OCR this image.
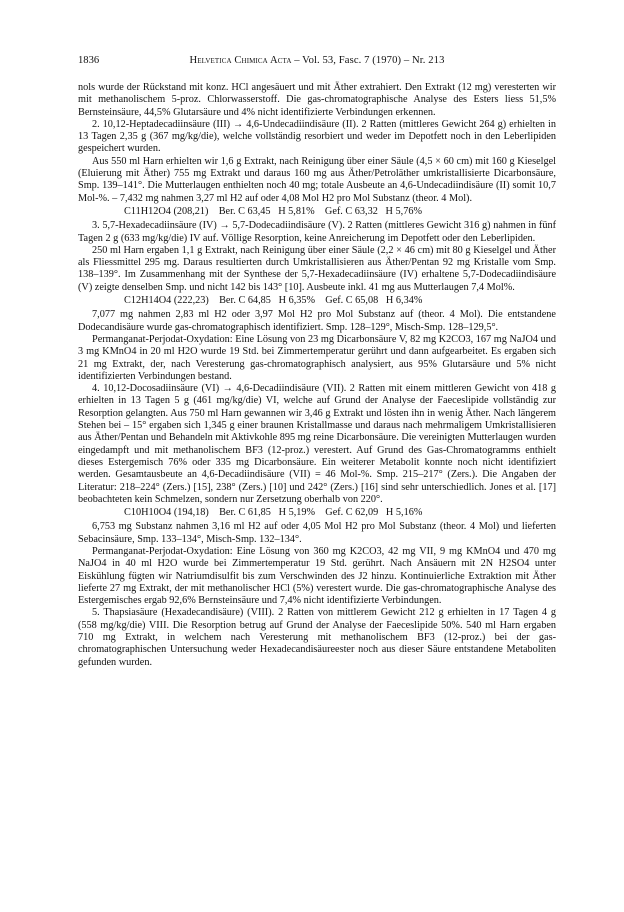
1836	Helvetica Chimica Acta – Vol. 53, Fasc. 7 (1970) – Nr. 213

nols wurde der Rückstand mit konz. HCl angesäuert und mit Äther extrahiert. Den Extrakt (12 mg) veresterten wir mit methanolischem 5-proz. Chlorwasserstoff. Die gas-chromatographische Analyse des Esters liess 51,5% Bernsteinsäure, 44,5% Glutarsäure und 4% nicht identifizierte Verbindungen erkennen.

2. 10,12-Heptadecadiinsäure (III) → 4,6-Undecadiindisäure (II). 2 Ratten (mittleres Gewicht 264 g) erhielten in 13 Tagen 2,35 g (367 mg/kg/die), welche vollständig resorbiert und weder im Depotfett noch in den Leberlipiden gespeichert wurden.

Aus 550 ml Harn erhielten wir 1,6 g Extrakt, nach Reinigung über einer Säule (4,5 × 60 cm) mit 160 g Kieselgel (Eluierung mit Äther) 755 mg Extrakt und daraus 160 mg aus Äther/Petroläther umkristallisierte Dicarbonsäure, Smp. 139–141°. Die Mutterlaugen enthielten noch 40 mg; totale Ausbeute an 4,6-Undecadiindisäure (II) somit 10,7 Mol-%. – 7,432 mg nahmen 3,27 ml H2 auf oder 4,08 Mol H2 pro Mol Substanz (theor. 4 Mol).

C11H12O4 (208,21)    Ber. C 63,45   H 5,81%    Gef. C 63,32   H 5,76%

3. 5,7-Hexadecadiinsäure (IV) → 5,7-Dodecadiindisäure (V). 2 Ratten (mittleres Gewicht 316 g) nahmen in fünf Tagen 2 g (633 mg/kg/die) IV auf. Völlige Resorption, keine Anreicherung im Depotfett oder den Leberlipiden.

250 ml Harn ergaben 1,1 g Extrakt, nach Reinigung über einer Säule (2,2 × 46 cm) mit 80 g Kieselgel und Äther als Fliessmittel 295 mg. Daraus resultierten durch Umkristallisieren aus Äther/Pentan 92 mg Kristalle vom Smp. 138–139°. Im Zusammenhang mit der Synthese der 5,7-Hexadecadiinsäure (IV) erhaltene 5,7-Dodecadiindisäure (V) zeigte denselben Smp. und nicht 142 bis 143° [10]. Ausbeute inkl. 41 mg aus Mutterlaugen 7,4 Mol%.

C12H14O4 (222,23)    Ber. C 64,85   H 6,35%    Gef. C 65,08   H 6,34%

7,077 mg nahmen 2,83 ml H2 oder 3,97 Mol H2 pro Mol Substanz auf (theor. 4 Mol). Die entstandene Dodecandisäure wurde gas-chromatographisch identifiziert. Smp. 128–129°, Misch-Smp. 128–129,5°.

Permanganat-Perjodat-Oxydation: Eine Lösung von 23 mg Dicarbonsäure V, 82 mg K2CO3, 167 mg NaJO4 und 3 mg KMnO4 in 20 ml H2O wurde 19 Std. bei Zimmertemperatur gerührt und dann aufgearbeitet. Es ergaben sich 21 mg Extrakt, der, nach Veresterung gas-chromatographisch analysiert, aus 95% Glutarsäure und 5% nicht identifizierten Verbindungen bestand.

4. 10,12-Docosadiinsäure (VI) → 4,6-Decadiindisäure (VII). 2 Ratten mit einem mittleren Gewicht von 418 g erhielten in 13 Tagen 5 g (461 mg/kg/die) VI, welche auf Grund der Analyse der Faeceslipide vollständig zur Resorption gelangten. Aus 750 ml Harn gewannen wir 3,46 g Extrakt und lösten ihn in wenig Äther. Nach längerem Stehen bei – 15° ergaben sich 1,345 g einer braunen Kristallmasse und daraus nach mehrmaligem Umkristallisieren aus Äther/Pentan und Behandeln mit Aktivkohle 895 mg reine Dicarbonsäure. Die vereinigten Mutterlaugen wurden eingedampft und mit methanolischem BF3 (12-proz.) verestert. Auf Grund des Gas-Chromatogramms enthielt dieses Estergemisch 76% oder 335 mg Dicarbonsäure. Ein weiterer Metabolit konnte noch nicht identifiziert werden. Gesamtausbeute an 4,6-Decadiindisäure (VII) = 46 Mol-%. Smp. 215–217° (Zers.). Die Angaben der Literatur: 218–224° (Zers.) [15], 238° (Zers.) [10] und 242° (Zers.) [16] sind sehr unterschiedlich. Jones et al. [17] beobachteten kein Schmelzen, sondern nur Zersetzung oberhalb von 220°.

C10H10O4 (194,18)    Ber. C 61,85   H 5,19%    Gef. C 62,09   H 5,16%

6,753 mg Substanz nahmen 3,16 ml H2 auf oder 4,05 Mol H2 pro Mol Substanz (theor. 4 Mol) und lieferten Sebacinsäure, Smp. 133–134°, Misch-Smp. 132–134°.

Permanganat-Perjodat-Oxydation: Eine Lösung von 360 mg K2CO3, 42 mg VII, 9 mg KMnO4 und 470 mg NaJO4 in 40 ml H2O wurde bei Zimmertemperatur 19 Std. gerührt. Nach Ansäuern mit 2N H2SO4 unter Eiskühlung fügten wir Natriumdisulfit bis zum Verschwinden des J2 hinzu. Kontinuierliche Extraktion mit Äther lieferte 27 mg Extrakt, der mit methanolischer HCl (5%) verestert wurde. Die gas-chromatographische Analyse des Estergemisches ergab 92,6% Bernsteinsäure und 7,4% nicht identifizierte Verbindungen.

5. Thapsiasäure (Hexadecandisäure) (VIII). 2 Ratten von mittlerem Gewicht 212 g erhielten in 17 Tagen 4 g (558 mg/kg/die) VIII. Die Resorption betrug auf Grund der Analyse der Faeceslipide 50%. 540 ml Harn ergaben 710 mg Extrakt, in welchem nach Veresterung mit methanolischem BF3 (12-proz.) bei der gas-chromatographischen Untersuchung weder Hexadecandisäureester noch aus dieser Säure entstandene Metaboliten gefunden wurden.
